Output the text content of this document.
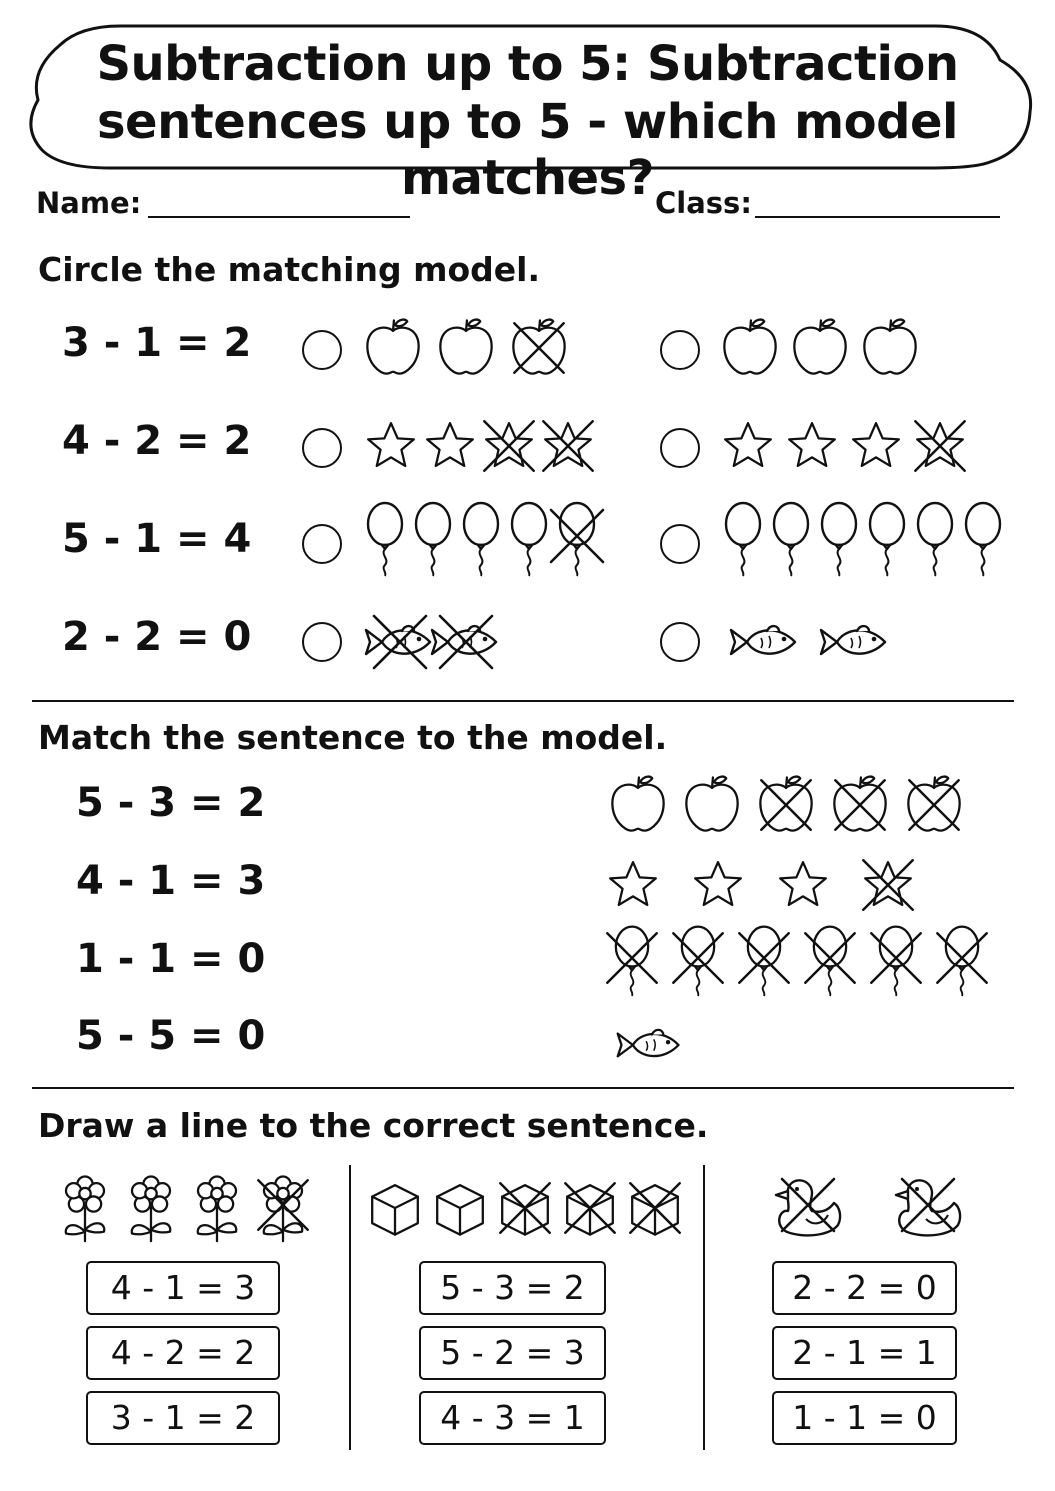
Subtraction up to 5: Subtraction
sentences up to 5 - which model matches?
Name:	Class:
Circle the matching model.
3 - 1 = 2
4 - 2 = 2
5 - 1 = 4
2 - 2 = 0
Match the sentence to the model.
5 - 3 = 2
4 - 1 = 3
1 - 1 = 0
5 - 5 = 0
Draw a line to the correct sentence.
4 - 1 = 3
4 - 2 = 2
3 - 1 = 2
5 - 3 = 2
5 - 2 = 3
4 - 3 = 1
2 - 2 = 0
2 - 1 = 1
1 - 1 = 0
